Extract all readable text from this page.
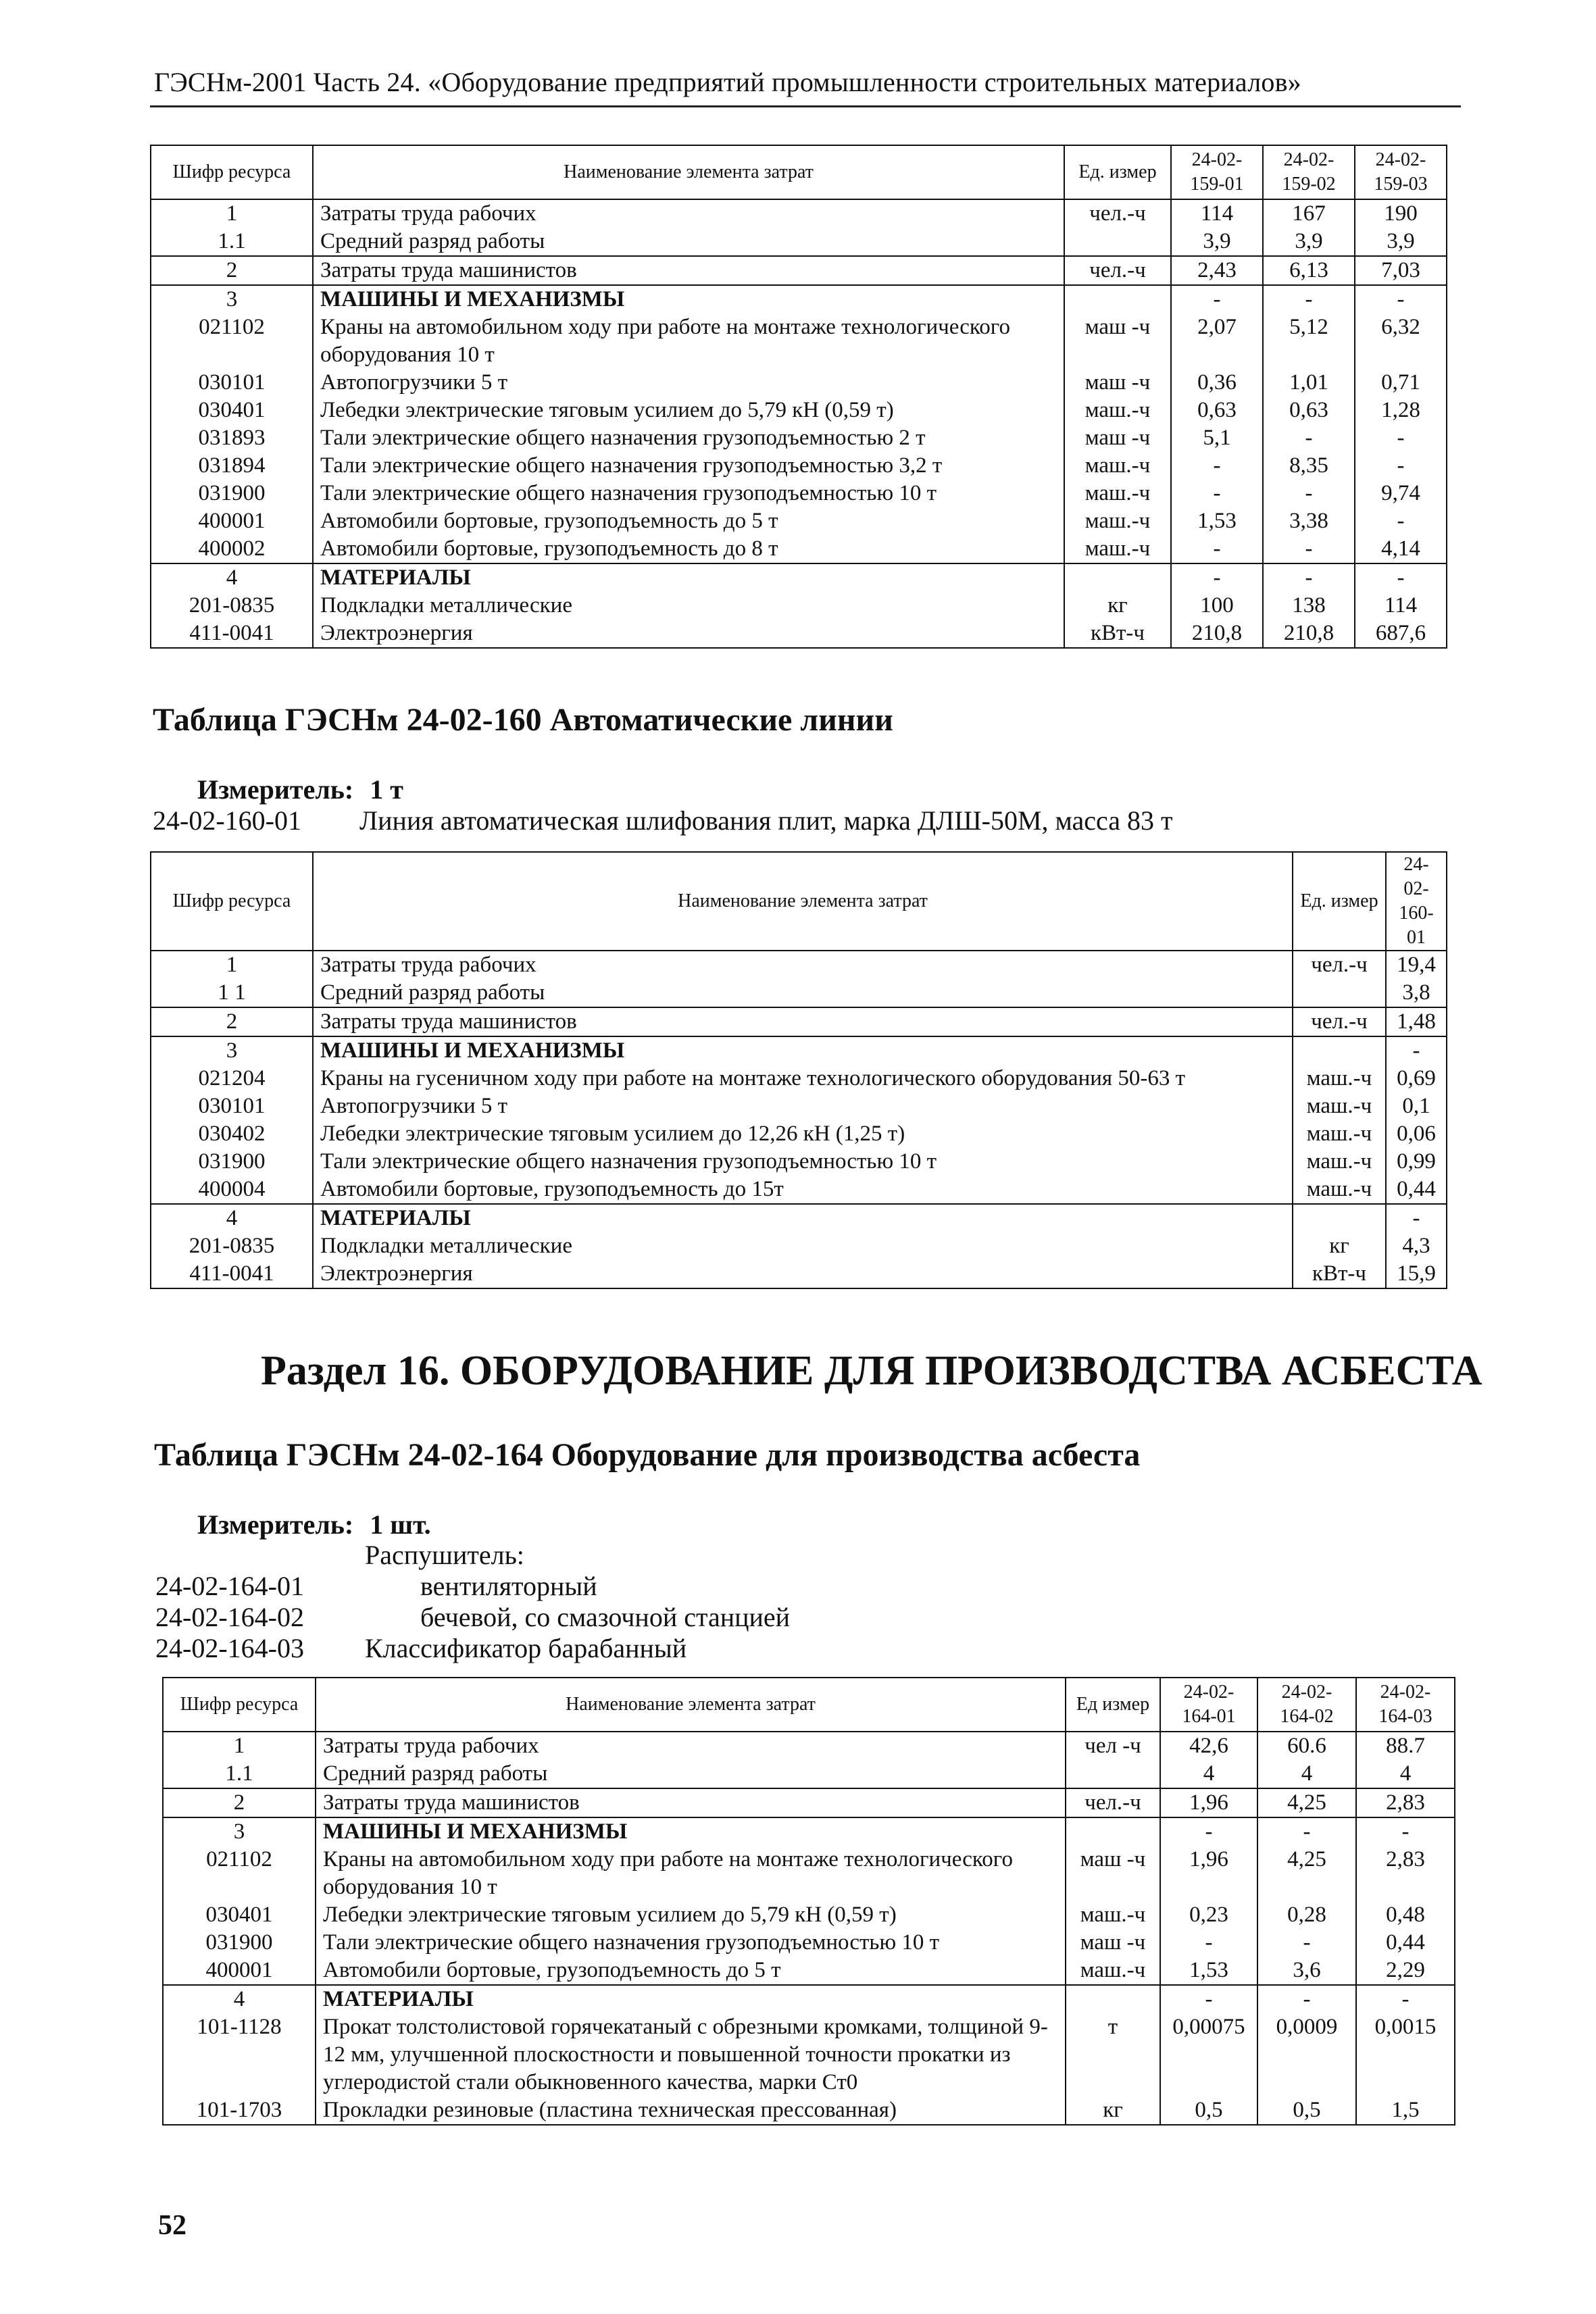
ГЭСНм-2001 Часть 24. «Оборудование предприятий промышленности строительных материалов»
Шифр ресурса	Наименование элемента затрат	Ед. измер	24-02-159-01	24-02-159-02	24-02-159-03
1	Затраты труда рабочих	чел.-ч	114	167	190
1.1	Средний разряд работы		3,9	3,9	3,9
2	Затраты труда машинистов	чел.-ч	2,43	6,13	7,03
3	МАШИНЫ И МЕХАНИЗМЫ		-	-	-
021102	Краны на автомобильном ходу при работе на монтаже технологического оборудования 10 т	маш -ч	2,07	5,12	6,32
030101	Автопогрузчики 5 т	маш -ч	0,36	1,01	0,71
030401	Лебедки электрические тяговым усилием до 5,79 кН (0,59 т)	маш.-ч	0,63	0,63	1,28
031893	Тали электрические общего назначения грузоподъемностью 2 т	маш -ч	5,1	-	-
031894	Тали электрические общего назначения грузоподъемностью 3,2 т	маш.-ч	-	8,35	-
031900	Тали электрические общего назначения грузоподъемностью 10 т	маш.-ч	-	-	9,74
400001	Автомобили бортовые, грузоподъемность до 5 т	маш.-ч	1,53	3,38	-
400002	Автомобили бортовые, грузоподъемность до 8 т	маш.-ч	-	-	4,14
4	МАТЕРИАЛЫ		-	-	-
201-0835	Подкладки металлические	кг	100	138	114
411-0041	Электроэнергия	кВт-ч	210,8	210,8	687,6
Таблица ГЭСНм 24-02-160 Автоматические линии
Измеритель: 1 т
24-02-160-01 Линия автоматическая шлифования плит, марка ДЛШ-50М, масса 83 т
Шифр ресурса	Наименование элемента затрат	Ед. измер	24-02-160-01
1	Затраты труда рабочих	чел.-ч	19,4
1 1	Средний разряд работы		3,8
2	Затраты труда машинистов	чел.-ч	1,48
3	МАШИНЫ И МЕХАНИЗМЫ		-
021204	Краны на гусеничном ходу при работе на монтаже технологического оборудования 50-63 т	маш.-ч	0,69
030101	Автопогрузчики 5 т	маш.-ч	0,1
030402	Лебедки электрические тяговым усилием до 12,26 кН (1,25 т)	маш.-ч	0,06
031900	Тали электрические общего назначения грузоподъемностью 10 т	маш.-ч	0,99
400004	Автомобили бортовые, грузоподъемность до 15т	маш.-ч	0,44
4	МАТЕРИАЛЫ		-
201-0835	Подкладки металлические	кг	4,3
411-0041	Электроэнергия	кВт-ч	15,9
Раздел 16. ОБОРУДОВАНИЕ ДЛЯ ПРОИЗВОДСТВА АСБЕСТА
Таблица ГЭСНм 24-02-164 Оборудование для производства асбеста
Измеритель: 1 шт.
Распушитель:
24-02-164-01	вентиляторный
24-02-164-02	бечевой, со смазочной станцией
24-02-164-03 Классификатор барабанный
Шифр ресурса	Наименование элемента затрат	Ед измер	24-02-164-01	24-02-164-02	24-02-164-03
1	Затраты труда рабочих	чел -ч	42,6	60.6	88.7
1.1	Средний разряд работы		4	4	4
2	Затраты труда машинистов	чел.-ч	1,96	4,25	2,83
3	МАШИНЫ И МЕХАНИЗМЫ		-	-	-
021102	Краны на автомобильном ходу при работе на монтаже технологического оборудования 10 т	маш -ч	1,96	4,25	2,83
030401	Лебедки электрические тяговым усилием до 5,79 кН (0,59 т)	маш.-ч	0,23	0,28	0,48
031900	Тали электрические общего назначения грузоподъемностью 10 т	маш -ч	-	-	0,44
400001	Автомобили бортовые, грузоподъемность до 5 т	маш.-ч	1,53	3,6	2,29
4	МАТЕРИАЛЫ		-	-	-
101-1128	Прокат толстолистовой горячекатаный с обрезными кромками, толщиной 9-12 мм, улучшенной плоскостности и повышенной точности прокатки из углеродистой стали обыкновенного качества, марки Ст0	т	0,00075	0,0009	0,0015
101-1703	Прокладки резиновые (пластина техническая прессованная)	кг	0,5	0,5	1,5
52
